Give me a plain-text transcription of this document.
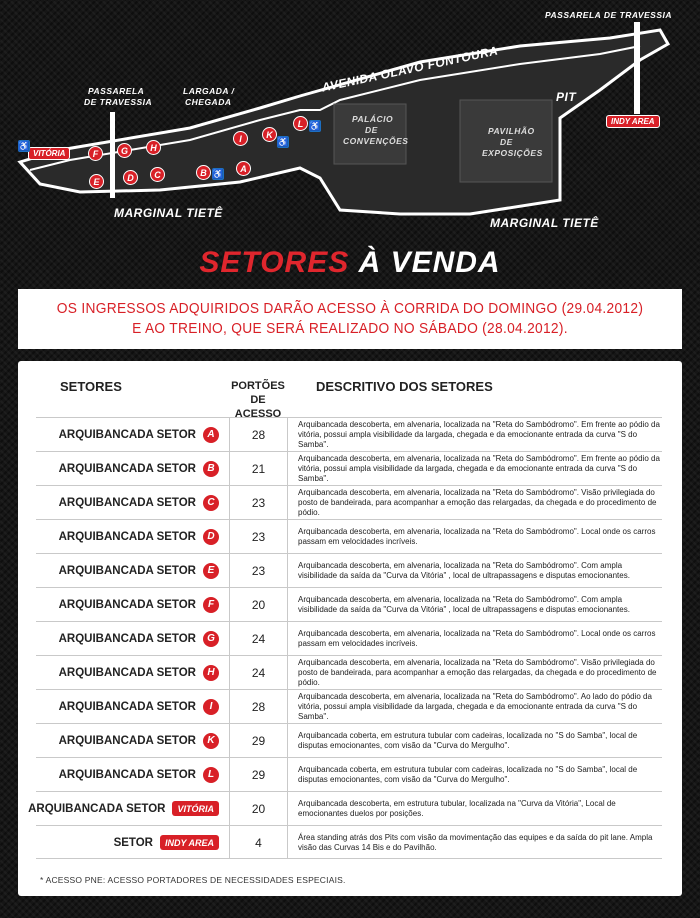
PASSARELA DE TRAVESSIA
PASSARELA
DE TRAVESSIA
LARGADA /
CHEGADA
AVENIDA OLAVO FONTOURA
PIT
PALÁCIO
DE
CONVENÇÕES
PAVILHÃO
DE
EXPOSIÇÕES
MARGINAL TIETÊ
MARGINAL TIETÊ
VITÓRIA
INDY AREA
♿
♿
♿
♿
F	G	H
E	D	C	B	A
I	K
L
SETORES À VENDA
OS INGRESSOS ADQUIRIDOS DARÃO ACESSO À CORRIDA DO DOMINGO (29.04.2012)
E AO TREINO, QUE SERÁ REALIZADO NO SÁBADO (28.04.2012).
SETORES	PORTÕES DE ACESSO
DESCRITIVO DOS SETORES
ARQUIBANCADA SETOR	A	28
Arquibancada descoberta, em alvenaria, localizada na "Reta do Sambódromo". Em frente ao pódio da vitória, possui ampla visibilidade da largada, chegada e da emocionante entrada da curva "S do Samba".
ARQUIBANCADA SETOR	B	21
Arquibancada descoberta, em alvenaria, localizada na "Reta do Sambódromo". Em frente ao pódio da vitória, possui ampla visibilidade da largada, chegada e da emocionante entrada da curva "S do Samba".
ARQUIBANCADA SETOR	C	23
Arquibancada descoberta, em alvenaria, localizada na "Reta do Sambódromo". Visão privilegiada do posto de bandeirada, para acompanhar a emoção das relargadas, da chegada e do procedimento de pódio.
ARQUIBANCADA SETOR	D	23	Arquibancada descoberta, em alvenaria, localizada na "Reta do Sambódromo". Local onde os carros passam em velocidades incríveis.
ARQUIBANCADA SETOR	E	23	Arquibancada descoberta, em alvenaria, localizada na "Reta do Sambódromo". Com ampla visibilidade da saída da "Curva da Vitória" , local de ultrapassagens e disputas emocionantes.
ARQUIBANCADA SETOR	F	20	Arquibancada descoberta, em alvenaria, localizada na "Reta do Sambódromo". Com ampla visibilidade da saída da "Curva da Vitória" , local de ultrapassagens e disputas emocionantes.
ARQUIBANCADA SETOR	G	24	Arquibancada descoberta, em alvenaria, localizada na "Reta do Sambódromo". Local onde os carros passam em velocidades incríveis.
ARQUIBANCADA SETOR	H	24
Arquibancada descoberta, em alvenaria, localizada na "Reta do Sambódromo". Visão privilegiada do posto de bandeirada, para acompanhar a emoção das relargadas, da chegada e do procedimento de pódio.
ARQUIBANCADA SETOR	I	28
Arquibancada descoberta, em alvenaria, localizada na "Reta do Sambódromo". Ao lado do pódio da vitória, possui ampla visibilidade da largada, chegada e da emocionante entrada da curva "S do Samba".
ARQUIBANCADA SETOR	K	29	Arquibancada coberta, em estrutura tubular com cadeiras, localizada no "S do Samba", local de disputas emocionantes, com visão da "Curva do Mergulho".
ARQUIBANCADA SETOR	L	29	Arquibancada coberta, em estrutura tubular com cadeiras, localizada no "S do Samba", local de disputas emocionantes, com visão da "Curva do Mergulho".
ARQUIBANCADA SETOR	VITÓRIA	20	Arquibancada descoberta, em estrutura tubular, localizada na "Curva da Vitória", Local de emocionantes duelos por posições.
SETOR	INDY AREA	4	Área standing atrás dos Pits com visão da movimentação das equipes e da saída do pit lane. Ampla visão das Curvas 14 Bis e do Pavilhão.
* ACESSO PNE: ACESSO PORTADORES DE NECESSIDADES ESPECIAIS.
